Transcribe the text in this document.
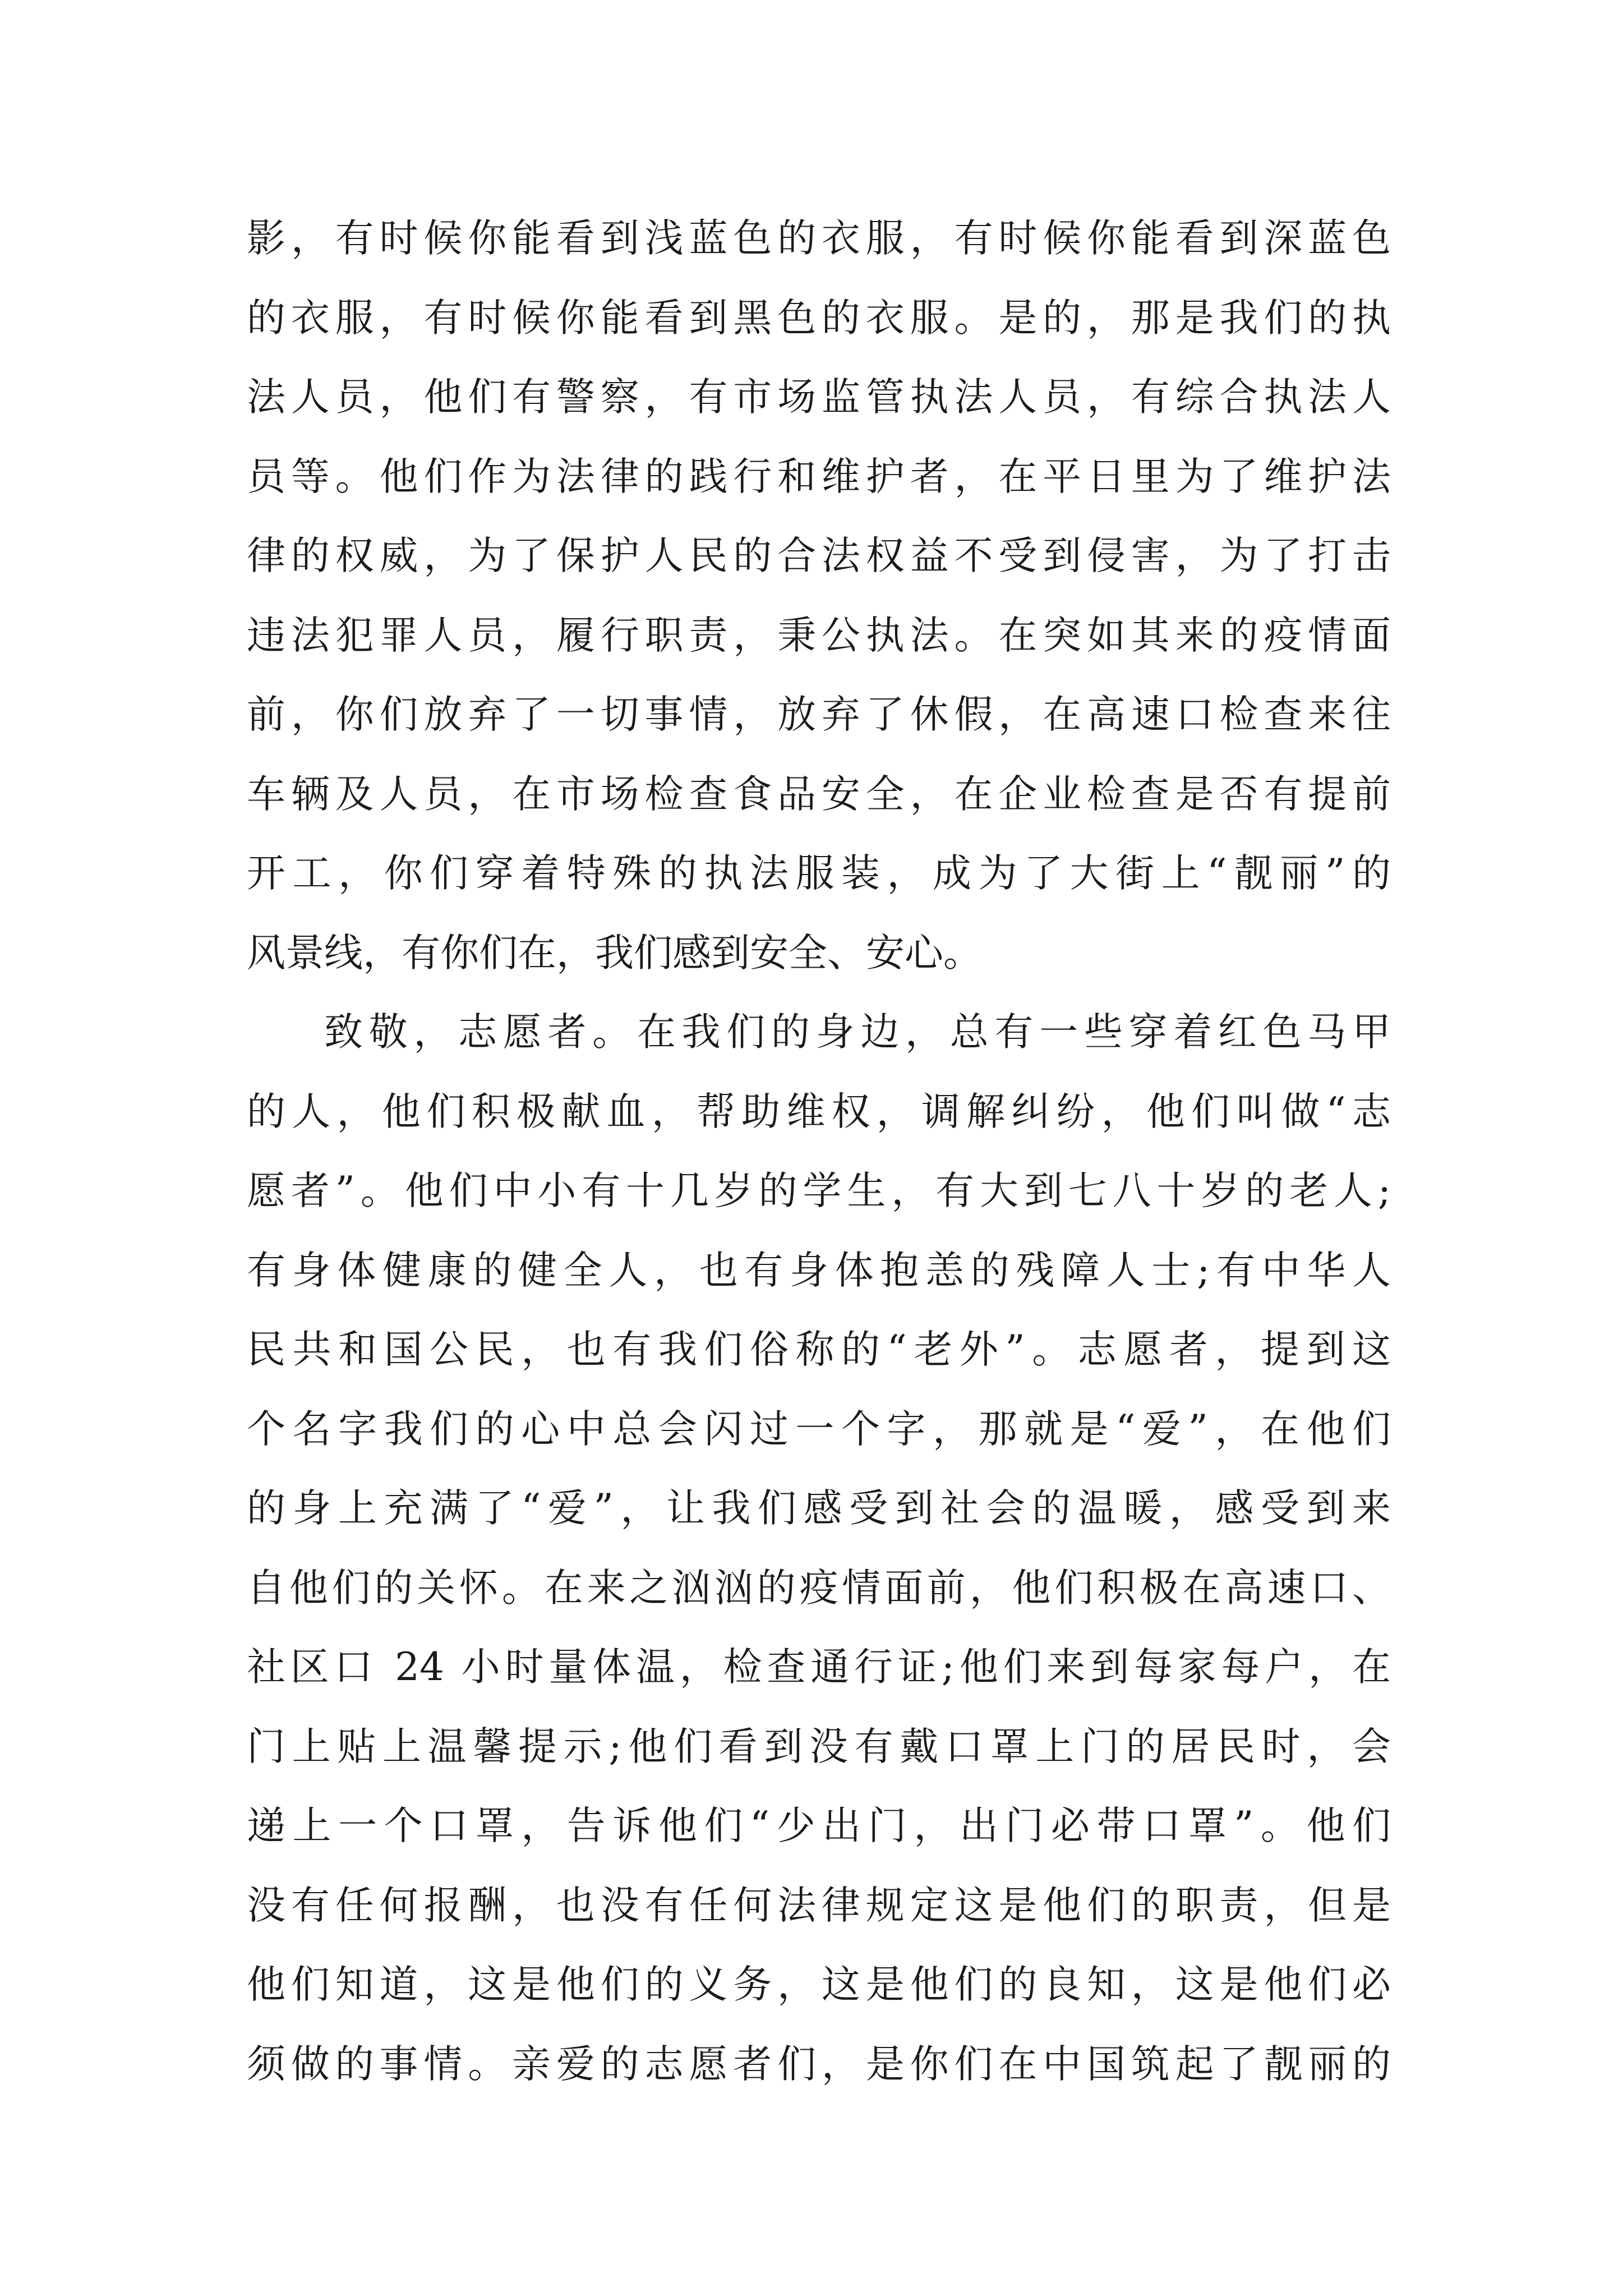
影，有时候你能看到浅蓝色的衣服，有时候你能看到深蓝色
的衣服，有时候你能看到黑色的衣服。是的，那是我们的执
法人员，他们有警察，有市场监管执法人员，有综合执法人
员等。他们作为法律的践行和维护者，在平日里为了维护法
律的权威，为了保护人民的合法权益不受到侵害，为了打击
违法犯罪人员，履行职责，秉公执法。在突如其来的疫情面
前，你们放弃了一切事情，放弃了休假，在高速口检查来往
车辆及人员，在市场检查食品安全，在企业检查是否有提前
开工，你们穿着特殊的执法服装，成为了大街上“靓丽”的
风景线，有你们在，我们感到安全、安心。
致敬，志愿者。在我们的身边，总有一些穿着红色马甲
的人，他们积极献血，帮助维权，调解纠纷，他们叫做“志
愿者”。他们中小有十几岁的学生，有大到七八十岁的老人;
有身体健康的健全人，也有身体抱恙的残障人士;有中华人
民共和国公民，也有我们俗称的“老外”。志愿者，提到这
个名字我们的心中总会闪过一个字，那就是“爱”，在他们
的身上充满了“爱”，让我们感受到社会的温暖，感受到来
自他们的关怀。在来之汹汹的疫情面前，他们积极在高速口、
社区口 24 小时量体温，检查通行证;他们来到每家每户，在
门上贴上温馨提示;他们看到没有戴口罩上门的居民时，会
递上一个口罩，告诉他们“少出门，出门必带口罩”。他们
没有任何报酬，也没有任何法律规定这是他们的职责，但是
他们知道，这是他们的义务，这是他们的良知，这是他们必
须做的事情。亲爱的志愿者们，是你们在中国筑起了靓丽的
